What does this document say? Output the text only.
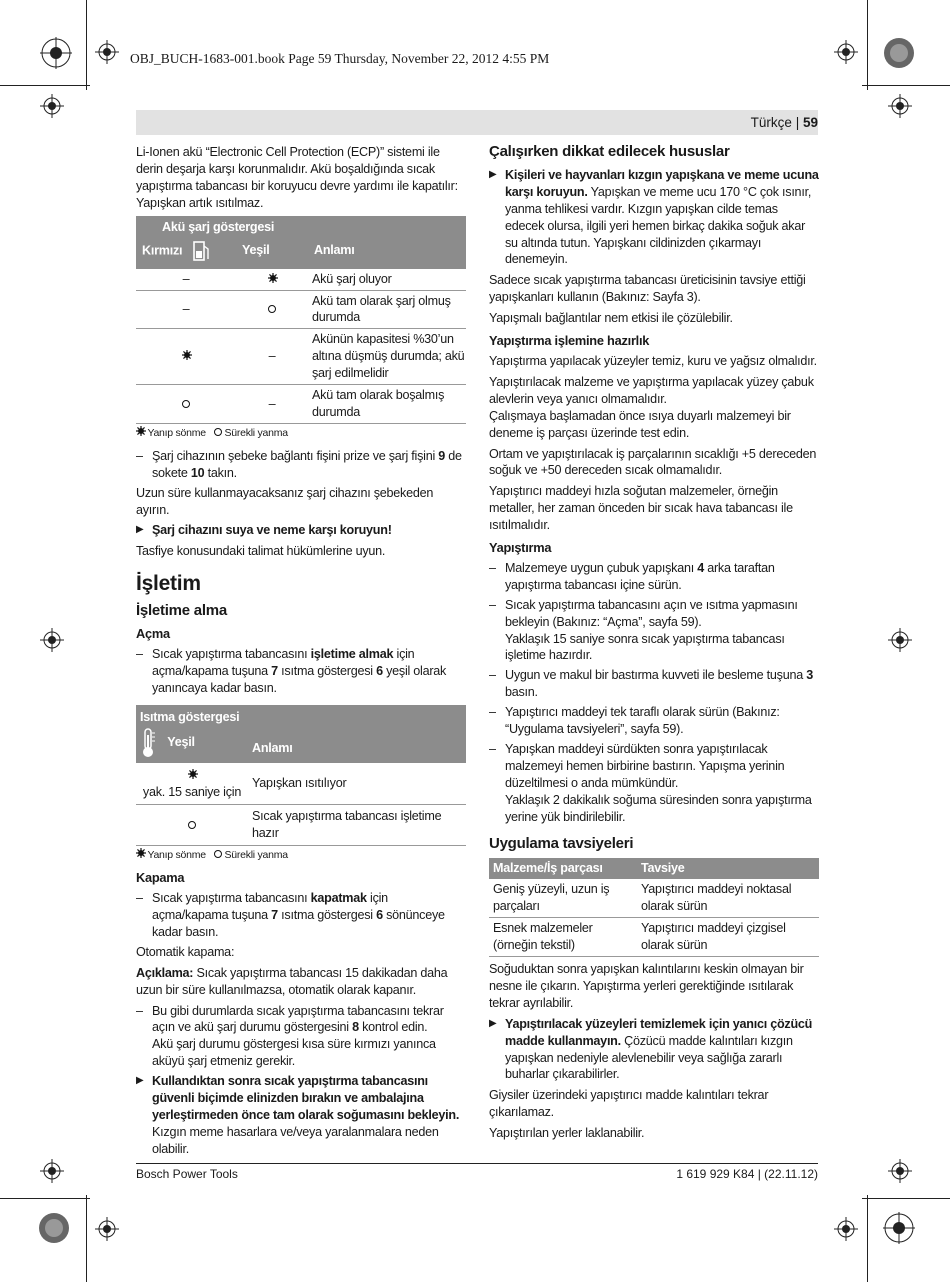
OBJ_BUCH-1683-001.book Page 59 Thursday, November 22, 2012 4:55 PM
Türkçe | 59

Li-Ionen akü “Electronic Cell Protection (ECP)” sistemi ile derin deşarja karşı korunmalıdır. Akü boşaldığında sıcak yapıştırma tabancası bir koruyucu devre yardımı ile kapatılır: Yapışkan artık ısıtılmaz.

Akü şarj göstergesi		
Kırmızı	Yeşil	Anlamı
–		Akü şarj oluyor
–		Akü tam olarak şarj olmuş durumda
	–	Akünün kapasitesi %30’un altına düşmüş durumda; akü şarj edilmelidir
	–	Akü tam olarak boşalmış durumda
Yanıp sönme Sürekli yanma
– Şarj cihazının şebeke bağlantı fişini prize ve şarj fişini 9 de sokete 10 takın.

Uzun süre kullanmayacaksanız şarj cihazını şebekeden ayırın.

▶ Şarj cihazını suya ve neme karşı koruyun!

Tasfiye konusundaki talimat hükümlerine uyun.

İşletim
İşletime alma
Açma
– Sıcak yapıştırma tabancasını işletime almak için açma/kapama tuşuna 7 ısıtma göstergesi 6 yeşil olarak yanıncaya kadar basın.
Isıtma göstergesi	
Yeşil	Anlamı

yak. 15 saniye için	Yapışkan ısıtılıyor
	Sıcak yapıştırma tabancası işletime hazır
Yanıp sönme Sürekli yanma
Kapama
– Sıcak yapıştırma tabancasını kapatmak için açma/kapama tuşuna 7 ısıtma göstergesi 6 sönünceye kadar basın.

Otomatik kapama:

Açıklama: Sıcak yapıştırma tabancası 15 dakikadan daha uzun bir süre kullanılmazsa, otomatik olarak kapanır.

– Bu gibi durumlarda sıcak yapıştırma tabancasını tekrar açın ve akü şarj durumu göstergesini 8 kontrol edin.
Akü şarj durumu göstergesi kısa süre kırmızı yanınca aküyü şarj etmeniz gerekir.
▶ Kullandıktan sonra sıcak yapıştırma tabancasını güvenli biçimde elinizden bırakın ve ambalajına yerleştirmeden önce tam olarak soğumasını bekleyin. Kızgın meme hasarlara ve/veya yaralanmalara neden olabilir.
Çalışırken dikkat edilecek hususlar
▶ Kişileri ve hayvanları kızgın yapışkana ve meme ucuna karşı koruyun. Yapışkan ve meme ucu 170 °C çok ısınır, yanma tehlikesi vardır. Kızgın yapışkan cilde temas edecek olursa, ilgili yeri hemen birkaç dakika soğuk akar su altında tutun. Yapışkanı cildinizden çıkarmayı denemeyin.

Sadece sıcak yapıştırma tabancası üreticisinin tavsiye ettiği yapışkanları kullanın (Bakınız: Sayfa 3).

Yapışmalı bağlantılar nem etkisi ile çözülebilir.

Yapıştırma işlemine hazırlık

Yapıştırma yapılacak yüzeyler temiz, kuru ve yağsız olmalıdır.

Yapıştırılacak malzeme ve yapıştırma yapılacak yüzey çabuk alevlerin veya yanıcı olmamalıdır.

Çalışmaya başlamadan önce ısıya duyarlı malzemeyi bir deneme iş parçası üzerinde test edin.

Ortam ve yapıştırılacak iş parçalarının sıcaklığı +5 dereceden soğuk ve +50 dereceden sıcak olmamalıdır.

Yapıştırıcı maddeyi hızla soğutan malzemeler, örneğin metaller, her zaman önceden bir sıcak hava tabancası ile ısıtılmalıdır.

Yapıştırma
– Malzemeye uygun çubuk yapışkanı 4 arka taraftan yapıştırma tabancası içine sürün.
– Sıcak yapıştırma tabancasını açın ve ısıtma yapmasını bekleyin (Bakınız: “Açma”, sayfa 59).
Yaklaşık 15 saniye sonra sıcak yapıştırma tabancası işletime hazırdır.
– Uygun ve makul bir bastırma kuvveti ile besleme tuşuna 3 basın.
– Yapıştırıcı maddeyi tek taraflı olarak sürün (Bakınız: “Uygulama tavsiyeleri”, sayfa 59).
– Yapışkan maddeyi sürdükten sonra yapıştırılacak malzemeyi hemen birbirine bastırın. Yapışma yerinin düzeltilmesi o anda mümkündür.
Yaklaşık 2 dakikalık soğuma süresinden sonra yapıştırma yerine yük bindirilebilir.
Uygulama tavsiyeleri
Malzeme/İş parçası	Tavsiye
Geniş yüzeyli, uzun iş parçaları	Yapıştırıcı maddeyi noktasal olarak sürün
Esnek malzemeler (örneğin tekstil)	Yapıştırıcı maddeyi çizgisel olarak sürün

Soğuduktan sonra yapışkan kalıntılarını keskin olmayan bir nesne ile çıkarın. Yapıştırma yerleri gerektiğinde ısıtılarak tekrar ayrılabilir.

▶ Yapıştırılacak yüzeyleri temizlemek için yanıcı çözücü madde kullanmayın. Çözücü madde kalıntıları kızgın yapışkan nedeniyle alevlenebilir veya sağlığa zararlı buharlar çıkarabilirler.

Giysiler üzerindeki yapıştırıcı madde kalıntıları tekrar çıkarılamaz.

Yapıştırılan yerler laklanabilir.

Bosch Power Tools	1 619 929 K84 | (22.11.12)
